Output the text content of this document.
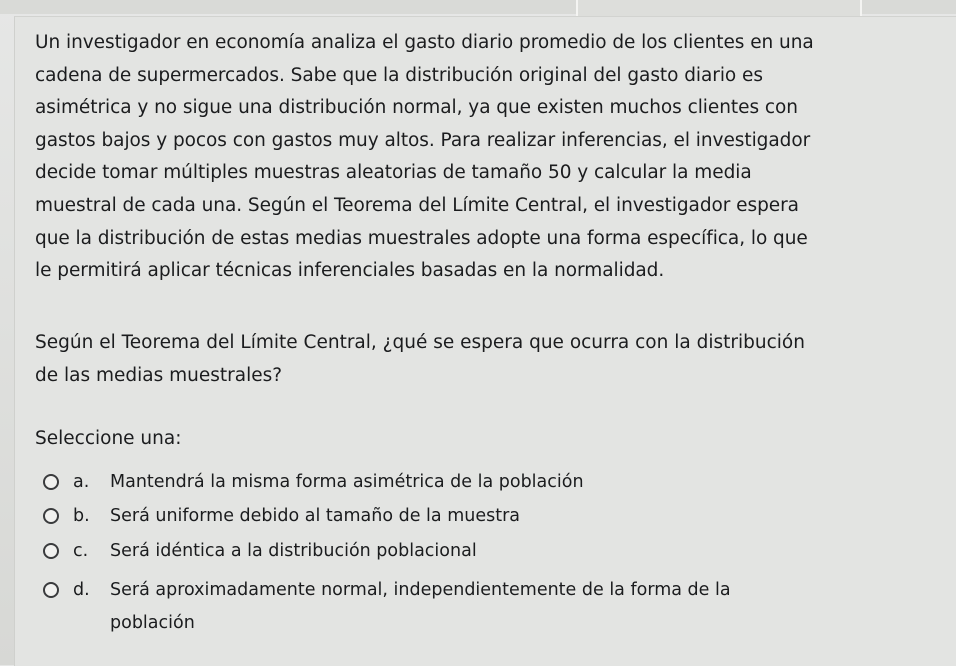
Un investigador en economía analiza el gasto diario promedio de los clientes en una
cadena de supermercados. Sabe que la distribución original del gasto diario es
asimétrica y no sigue una distribución normal, ya que existen muchos clientes con
gastos bajos y pocos con gastos muy altos. Para realizar inferencias, el investigador
decide tomar múltiples muestras aleatorias de tamaño 50 y calcular la media
muestral de cada una. Según el Teorema del Límite Central, el investigador espera
que la distribución de estas medias muestrales adopte una forma específica, lo que
le permitirá aplicar técnicas inferenciales basadas en la normalidad.

Según el Teorema del Límite Central, ¿qué se espera que ocurra con la distribución
de las medias muestrales?

Seleccione una:

a. Mantendrá la misma forma asimétrica de la población
b. Será uniforme debido al tamaño de la muestra
c. Será idéntica a la distribución poblacional
d. Será aproximadamente normal, independientemente de la forma de la
población
